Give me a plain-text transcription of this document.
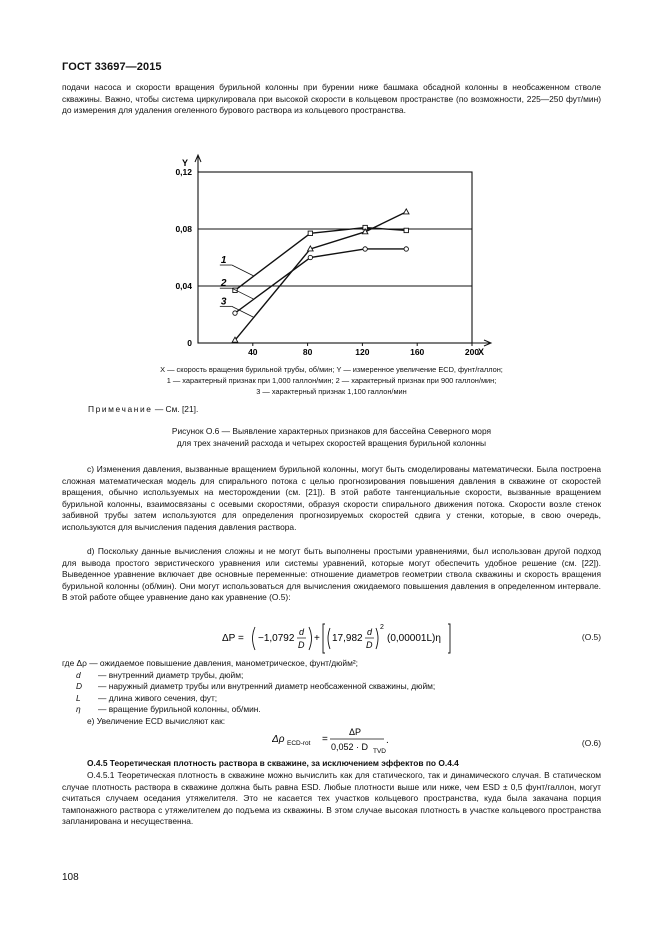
ГОСТ 33697—2015
подачи насоса и скорости вращения бурильной колонны при бурении ниже башмака обсадной колонны в необсаженном стволе скважины. Важно, чтобы система циркулировала при высокой скорости в кольцевом пространстве (по возможности, 225—250 фут/мин) до измерения для удаления огеленного бурового раствора из кольцевого пространства.
0
0,04
0,08
0,12
40	80	120	160	200
Y
X
1
2
3
X — скорость вращения бурильной трубы, об/мин; Y — измеренное увеличение ECD, фунт/галлон;
1 — характерный признак при 1,000 галлон/мин; 2 — характерный признак при 900 галлон/мин;
3 — характерный признак 1,100 галлон/мин
Примечание — См. [21].
Рисунок О.6 — Выявление характерных признаков для бассейна Северного моря
для трех значений расхода и четырех скоростей вращения бурильной колонны
c) Изменения давления, вызванные вращением бурильной колонны, могут быть смоделированы математически. Была построена сложная математическая модель для спирального потока с целью прогнозирования повышения давления в скважине от скоростей вращения, обычно используемых на месторождении (см. [21]). В этой работе тангенциальные скорости, вызванные вращением бурильной колонны, взаимосвязаны с осевыми скоростями, образуя скорости спирального движения потока. Скорости возле стенок забивной трубы затем используются для определения прогнозируемых скоростей сдвига у стенки, которые, в свою очередь, используются для вычисления падения давления раствора.
d) Поскольку данные вычисления сложны и не могут быть выполнены простыми уравнениями, был использован другой подход для вывода простого эвристического уравнения или системы уравнений, которые могут обеспечить удобное решение (см. [22]). Выведенное уравнение включает две основные переменные: отношение диаметров геометрии ствола скважины и скорость вращения бурильной колонны (об/мин). Они могут использоваться для вычисления ожидаемого повышения давления в определенном интервале. В этой работе общее уравнение дано как уравнение (О.5):
ΔP = −1,0792
d
D
+ 17,982
d
D
2
(0,00001L)η	(О.5)
где Δρ — ожидаемое повышение давления, манометрическое, фунт/дюйм²;
d	— внутренний диаметр трубы, дюйм;
D	— наружный диаметр трубы или внутренний диаметр необсаженной скважины, дюйм;
L	— длина живого сечения, фут;
η	— вращение бурильной колонны, об/мин.
e) Увеличение ECD вычисляют как:
Δρ ECD-rot =
ΔP
0,052 · D TVD
.	(О.6)
О.4.5 Теоретическая плотность раствора в скважине, за исключением эффектов по О.4.4
О.4.5.1 Теоретическая плотность в скважине можно вычислить как для статического, так и динамического случая. В статическом случае плотность раствора в скважине должна быть равна ESD. Любые плотности выше или ниже, чем ESD ± 0,5 фунт/галлон, могут считаться случаем оседания утяжелителя. Это не касается тех участков кольцевого пространства, куда была закачана порция тампонажного раствора с утяжелителем до подъема из скважины. В этом случае высокая плотность в участке кольцевого пространства запланирована и несущественна.
108
